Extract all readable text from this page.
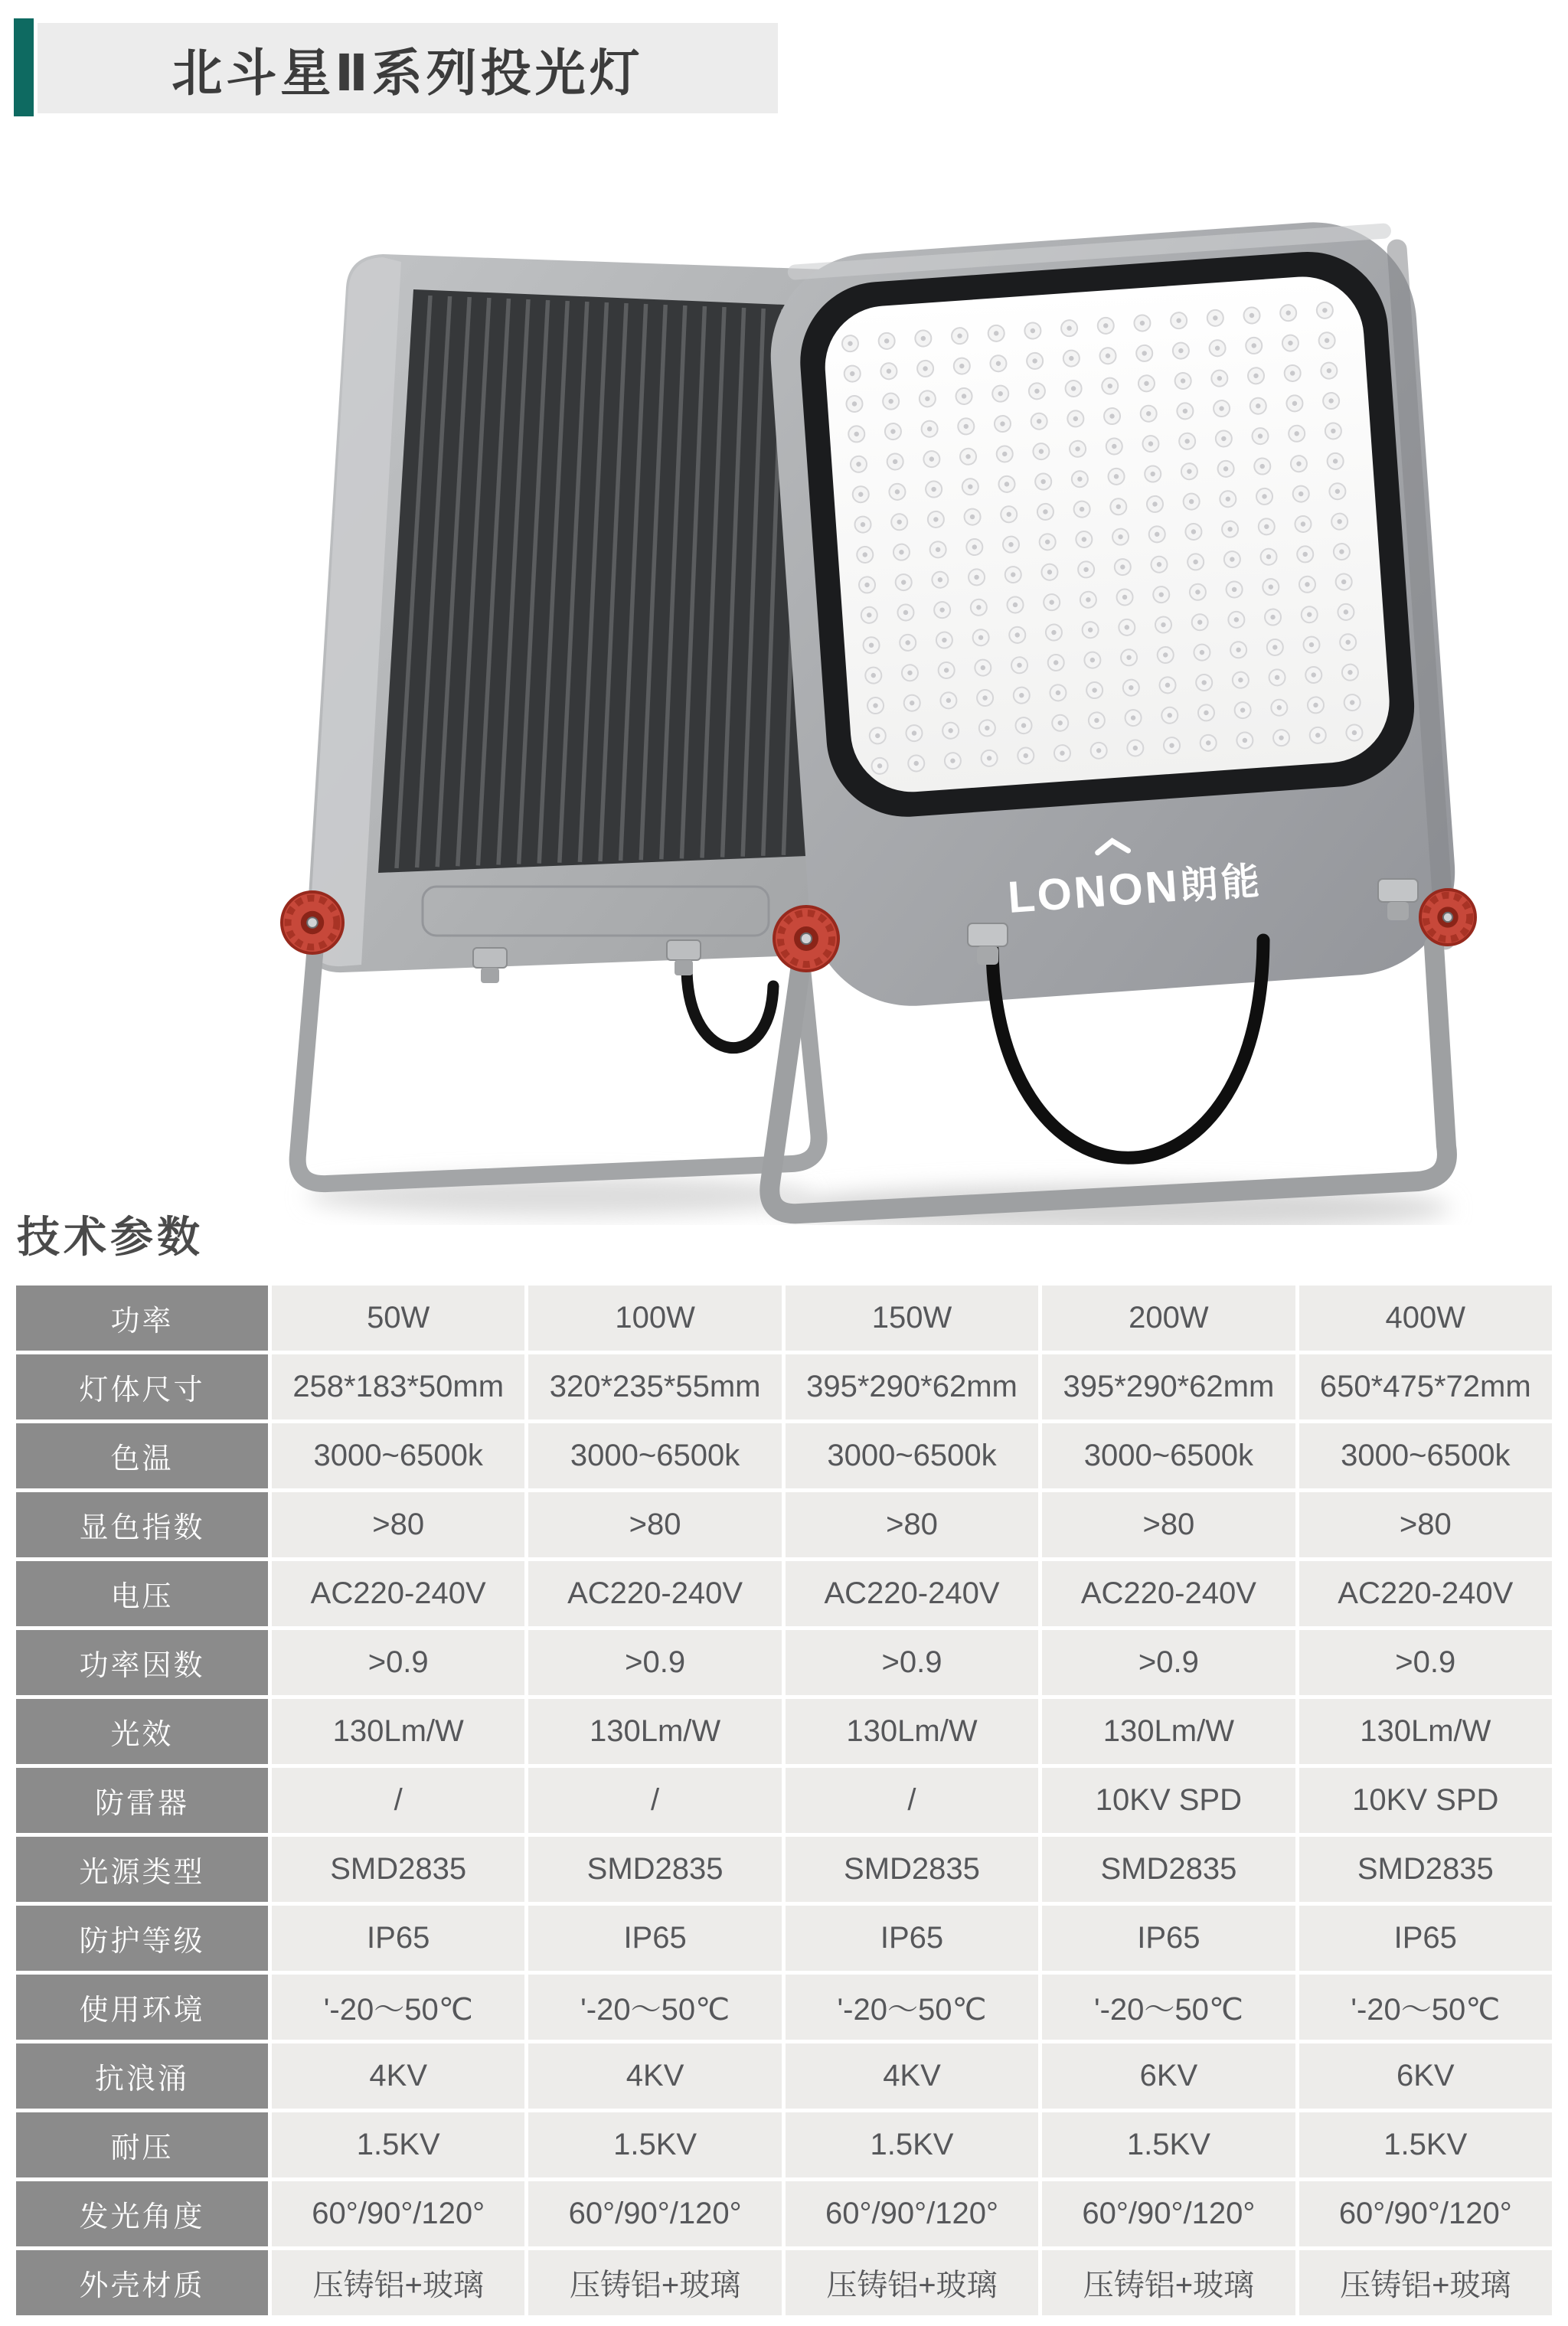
北斗星Ⅱ系列投光灯
LONON
朗能
技术参数
功率	50W	100W	150W	200W	400W
灯体尺寸	258*183*50mm	320*235*55mm	395*290*62mm	395*290*62mm	650*475*72mm
色温	3000~6500k	3000~6500k	3000~6500k	3000~6500k	3000~6500k
显色指数	>80	>80	>80	>80	>80
电压	AC220-240V	AC220-240V	AC220-240V	AC220-240V	AC220-240V
功率因数	>0.9	>0.9	>0.9	>0.9	>0.9
光效	130Lm/W	130Lm/W	130Lm/W	130Lm/W	130Lm/W
防雷器	/	/	/	10KV SPD	10KV SPD
光源类型	SMD2835	SMD2835	SMD2835	SMD2835	SMD2835
防护等级	IP65	IP65	IP65	IP65	IP65
使用环境	'-20～50℃	'-20～50℃	'-20～50℃	'-20～50℃	'-20～50℃
抗浪涌	4KV	4KV	4KV	6KV	6KV
耐压	1.5KV	1.5KV	1.5KV	1.5KV	1.5KV
发光角度	60°/90°/120°	60°/90°/120°	60°/90°/120°	60°/90°/120°	60°/90°/120°
外壳材质	压铸铝+玻璃	压铸铝+玻璃	压铸铝+玻璃	压铸铝+玻璃	压铸铝+玻璃
